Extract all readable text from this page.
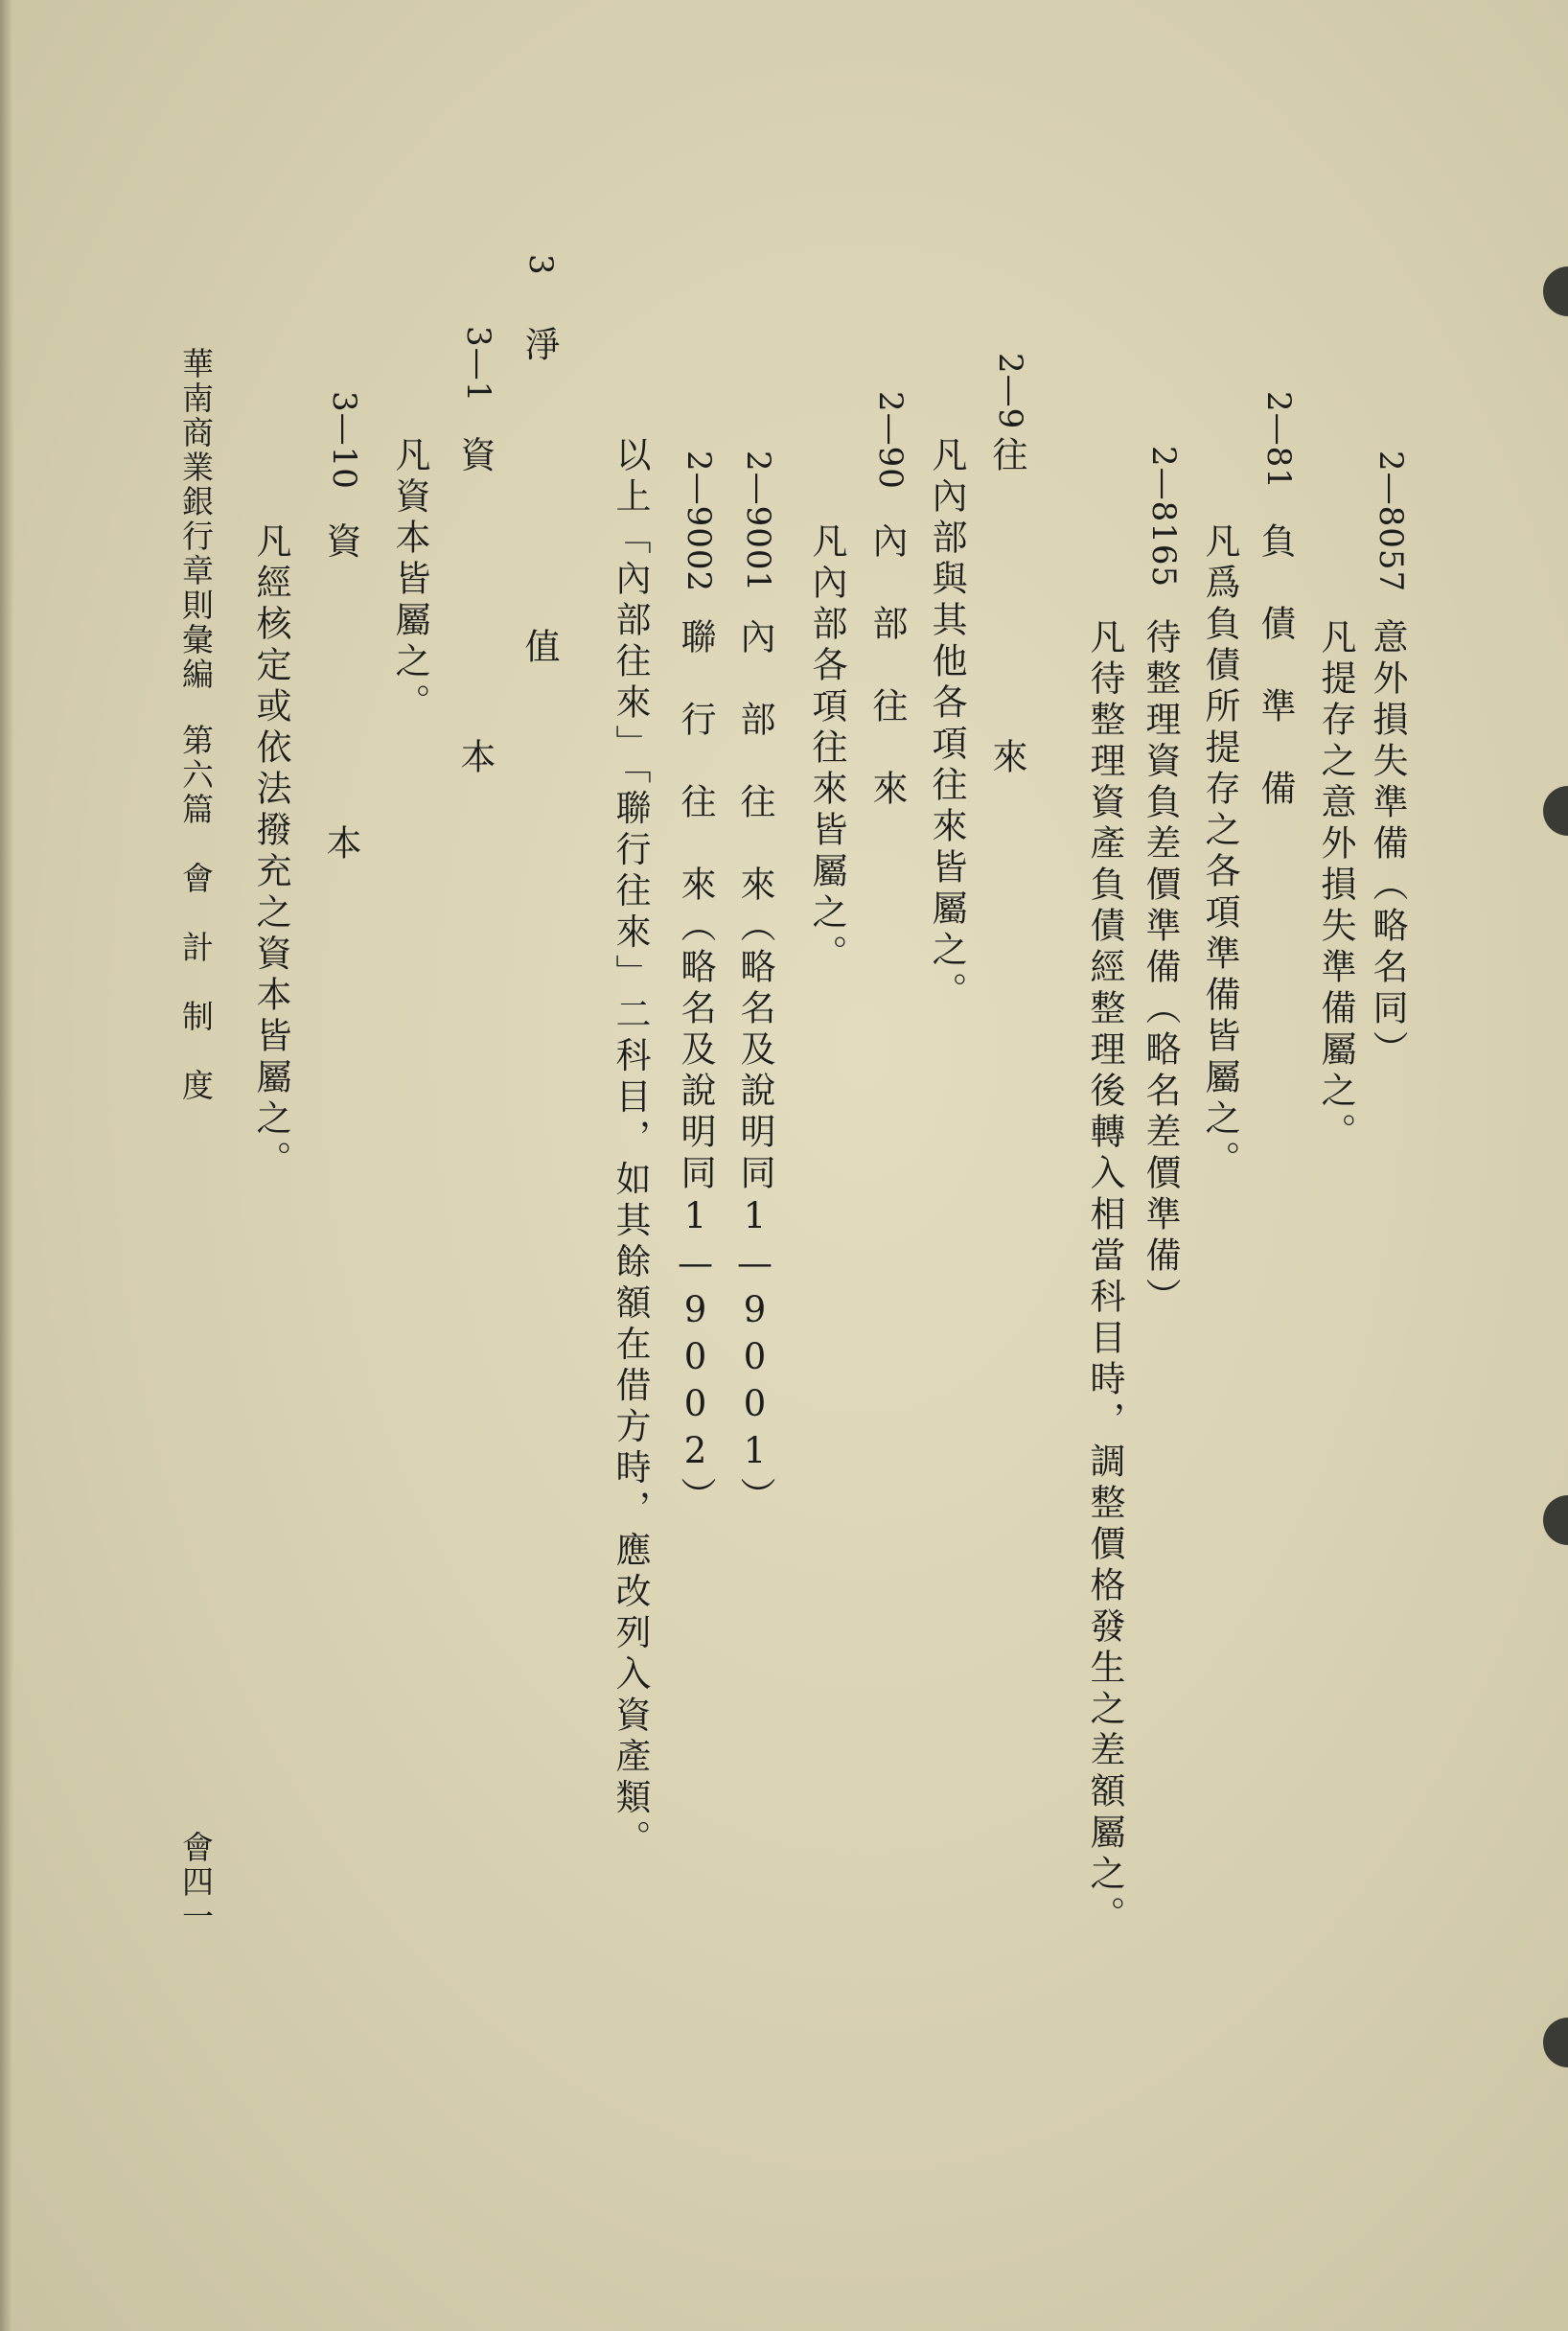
2—8057
意外損失準備（略名同）
凡提存之意外損失準備屬之。
2—81
負　債　準　備
凡爲負債所提存之各項準備皆屬之。
2—8165
待整理資負差價準備（略名差價準備）
凡待整理資產負債經整理後轉入相當科目時，調整價格發生之差額屬之。
2—9
往　　　　來
凡內部與其他各項往來皆屬之。
2—90
內　部　往　來
凡內部各項往來皆屬之。
2—9001
內　部　往　來（略名及說明同1—9001）
2—9002
聯　行　往　來（略名及說明同1—9002）
以上「內部往來」「聯行往來」二科目，如其餘額在借方時，應改列入資產類。
3
淨　　　　值
3—1
資　　　　本
凡資本皆屬之。
3—10
資　　　　本
凡經核定或依法撥充之資本皆屬之。
華南商業銀行章則彙編
第六篇　會　計　制　度
會四一
